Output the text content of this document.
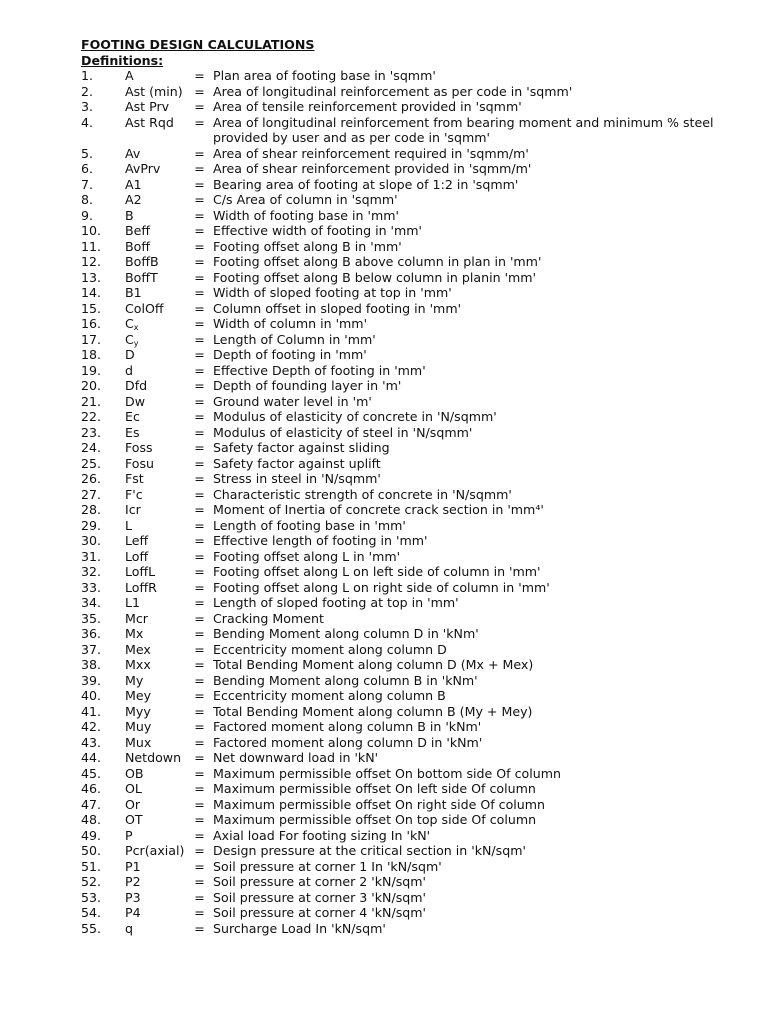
FOOTING DESIGN CALCULATIONS
Definitions:
1.	A	=	Plan area of footing base in 'sqmm'
2.	Ast (min)	=	Area of longitudinal reinforcement as per code in 'sqmm'
3.	Ast Prv	=	Area of tensile reinforcement provided in 'sqmm'
4.	Ast Rqd	=	Area of longitudinal reinforcement from bearing moment and minimum % steel provided by user and as per code in 'sqmm'
5.	Av	=	Area of shear reinforcement required in 'sqmm/m'
6.	AvPrv	=	Area of shear reinforcement provided in 'sqmm/m'
7.	A1	=	Bearing area of footing at slope of 1:2 in 'sqmm'
8.	A2	=	C/s Area of column in 'sqmm'
9.	B	=	Width of footing base in 'mm'
10.	Beff	=	Effective width of footing in 'mm'
11.	Boff	=	Footing offset along B in 'mm'
12.	BoffB	=	Footing offset along B above column in plan in 'mm'
13.	BoffT	=	Footing offset along B below column in planin 'mm'
14.	B1	=	Width of sloped footing at top in 'mm'
15.	ColOff	=	Column offset in sloped footing in 'mm'
16.	$C_x$	=	Width of column in 'mm'
17.	$C_y$	=	Length of Column in 'mm'
18.	D	=	Depth of footing in 'mm'
19.	d	=	Effective Depth of footing in 'mm'
20.	Dfd	=	Depth of founding layer in 'm'
21.	Dw	=	Ground water level in 'm'
22.	Ec	=	Modulus of elasticity of concrete in 'N/sqmm'
23.	Es	=	Modulus of elasticity of steel in 'N/sqmm'
24.	Foss	=	Safety factor against sliding
25.	Fosu	=	Safety factor against uplift
26.	Fst	=	Stress in steel in 'N/sqmm'
27.	F'c	=	Characteristic strength of concrete in 'N/sqmm'
28.	Icr	=	Moment of Inertia of concrete crack section in 'mm⁴'
29.	L	=	Length of footing base in 'mm'
30.	Leff	=	Effective length of footing in 'mm'
31.	Loff	=	Footing offset along L in 'mm'
32.	LoffL	=	Footing offset along L on left side of column in 'mm'
33.	LoffR	=	Footing offset along L on right side of column in 'mm'
34.	L1	=	Length of sloped footing at top in 'mm'
35.	Mcr	=	Cracking Moment
36.	Mx	=	Bending Moment along column D in 'kNm'
37.	Mex	=	Eccentricity moment along column D
38.	Mxx	=	Total Bending Moment along column D (Mx + Mex)
39.	My	=	Bending Moment along column B in 'kNm'
40.	Mey	=	Eccentricity moment along column B
41.	Myy	=	Total Bending Moment along column B (My + Mey)
42.	Muy	=	Factored moment along column B in 'kNm'
43.	Mux	=	Factored moment along column D in 'kNm'
44.	Netdown	=	Net downward load in 'kN'
45.	OB	=	Maximum permissible offset On bottom side Of column
46.	OL	=	Maximum permissible offset On left side Of column
47.	Or	=	Maximum permissible offset On right side Of column
48.	OT	=	Maximum permissible offset On top side Of column
49.	P	=	Axial load For footing sizing In 'kN'
50.	Pcr(axial)	=	Design pressure at the critical section in 'kN/sqm'
51.	P1	=	Soil pressure at corner 1 In 'kN/sqm'
52.	P2	=	Soil pressure at corner 2 'kN/sqm'
53.	P3	=	Soil pressure at corner 3 'kN/sqm'
54.	P4	=	Soil pressure at corner 4 'kN/sqm'
55.	q	=	Surcharge Load In 'kN/sqm'
